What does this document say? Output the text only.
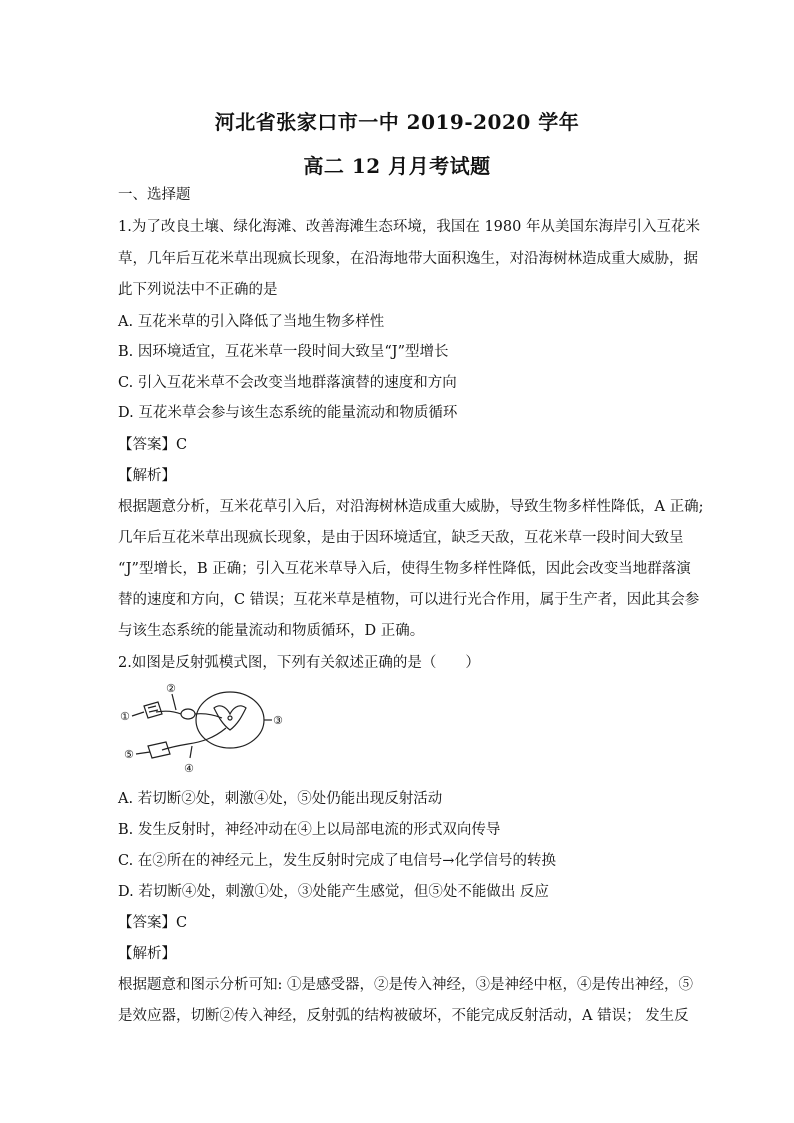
河北省张家口市一中 2019-2020 学年
高二 12 月月考试题
一、选择题
1.为了改良土壤、绿化海滩、改善海滩生态环境，我国在 1980 年从美国东海岸引入互花米
草，几年后互花米草出现疯长现象，在沿海地带大面积逸生，对沿海树林造成重大威胁，据
此下列说法中不正确的是
A. 互花米草的引入降低了当地生物多样性
B. 因环境适宜，互花米草一段时间大致呈“J”型增长
C. 引入互花米草不会改变当地群落演替的速度和方向
D. 互花米草会参与该生态系统的能量流动和物质循环
【答案】C
【解析】
根据题意分析，互米花草引入后，对沿海树林造成重大威胁，导致生物多样性降低，A 正确;
几年后互花米草出现疯长现象，是由于因环境适宜，缺乏天敌，互花米草一段时间大致呈
“J”型增长，B 正确；引入互花米草导入后，使得生物多样性降低，因此会改变当地群落演
替的速度和方向，C 错误；互花米草是植物，可以进行光合作用，属于生产者，因此其会参
与该生态系统的能量流动和物质循环，D 正确。
2.如图是反射弧模式图，下列有关叙述正确的是（　　）
①
②
③
④
⑤
A. 若切断②处，刺激④处，⑤处仍能出现反射活动
B. 发生反射时，神经冲动在④上以局部电流的形式双向传导
C. 在②所在的神经元上，发生反射时完成了电信号→化学信号的转换
D. 若切断④处，刺激①处，③处能产生感觉，但⑤处不能做出 反应
【答案】C
【解析】
根据题意和图示分析可知: ①是感受器，②是传入神经，③是神经中枢，④是传出神经，⑤
是效应器，切断②传入神经，反射弧的结构被破坏，不能完成反射活动，A 错误； 发生反
